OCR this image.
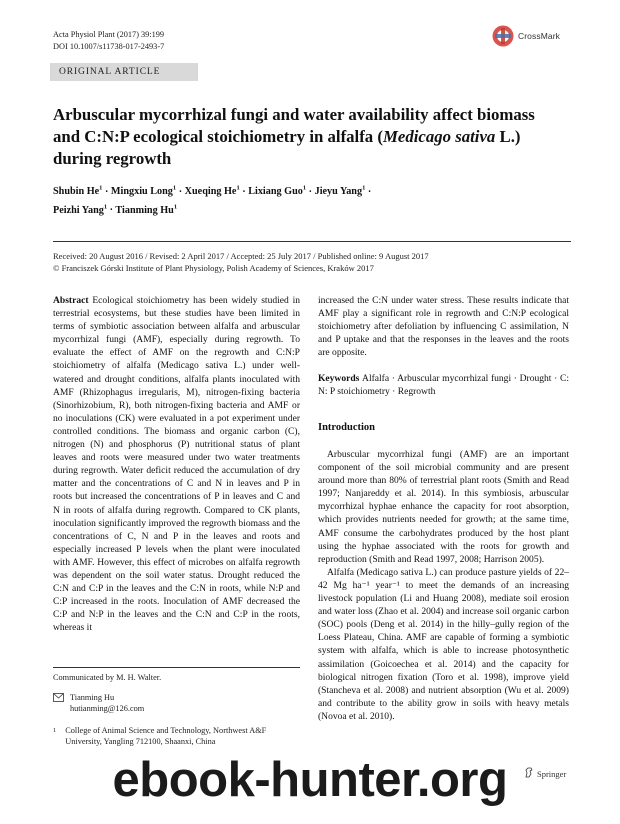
Acta Physiol Plant (2017) 39:199
DOI 10.1007/s11738-017-2493-7
CrossMark
ORIGINAL ARTICLE
Arbuscular mycorrhizal fungi and water availability affect biomass and C:N:P ecological stoichiometry in alfalfa (Medicago sativa L.) during regrowth
Shubin $He^1$ · Mingxiu Long$^1$ · Xueqing $He^1$ · Lixiang Guo$^1$ · Jieyu Yang$^1$ ·
Peizhi Yang$^1$ · Tianming Hu$^1$
Received: 20 August 2016 / Revised: 2 April 2017 / Accepted: 25 July 2017 / Published online: 9 August 2017
© Franciszek Górski Institute of Plant Physiology, Polish Academy of Sciences, Kraków 2017
Abstract Ecological stoichiometry has been widely studied in terrestrial ecosystems, but these studies have been limited in terms of symbiotic association between alfalfa and arbuscular mycorrhizal fungi (AMF), especially during regrowth. To evaluate the effect of AMF on the regrowth and C:N:P stoichiometry of alfalfa (Medicago sativa L.) under well-watered and drought conditions, alfalfa plants inoculated with AMF (Rhizophagus irregularis, M), nitrogen-fixing bacteria (Sinorhizobium, R), both nitrogen-fixing bacteria and AMF or no inoculations (CK) were evaluated in a pot experiment under controlled conditions. The biomass and organic carbon (C), nitrogen (N) and phosphorus (P) nutritional status of plant leaves and roots were measured under two water treatments during regrowth. Water deficit reduced the accumulation of dry matter and the concentrations of C and N in leaves and P in roots but increased the concentrations of P in leaves and C and N in roots of alfalfa during regrowth. Compared to CK plants, inoculation significantly improved the regrowth biomass and the concentrations of C, N and P in the leaves and roots and especially increased P levels when the plant were inoculated with AMF. However, this effect of microbes on alfalfa regrowth was dependent on the soil water status. Drought reduced the C:N and C:P in the leaves and the C:N in roots, while N:P and C:P increased in the roots. Inoculation of AMF decreased the C:P and N:P in the leaves and the C:N and C:P in the roots, whereas it
increased the C:N under water stress. These results indicate that AMF play a significant role in regrowth and C:N:P ecological stoichiometry after defoliation by influencing C assimilation, N and P uptake and that the responses in the leaves and the roots are opposite.
Keywords Alfalfa · Arbuscular mycorrhizal fungi · Drought · C: N: P stoichiometry · Regrowth
Introduction
Arbuscular mycorrhizal fungi (AMF) are an important component of the soil microbial community and are present around more than 80% of terrestrial plant roots (Smith and Read 1997; Nanjareddy et al. 2014). In this symbiosis, arbuscular mycorrhizal hyphae enhance the capacity for root absorption, which provides nutrients needed for growth; at the same time, AMF consume the carbohydrates produced by the host plant using the hyphae associated with the roots for growth and reproduction (Smith and Read 1997, 2008; Harrison 2005).
Alfalfa (Medicago sativa L.) can produce pasture yields of 22–42 Mg ha⁻¹ year⁻¹ to meet the demands of an increasing livestock population (Li and Huang 2008), mediate soil erosion and water loss (Zhao et al. 2004) and increase soil organic carbon (SOC) pools (Deng et al. 2014) in the hilly–gully region of the Loess Plateau, China. AMF are capable of forming a symbiotic system with alfalfa, which is able to increase photosynthetic assimilation (Goicoechea et al. 2014) and the capacity for biological nitrogen fixation (Toro et al. 1998), improve yield (Stancheva et al. 2008) and nutrient absorption (Wu et al. 2009) and contribute to the ability grow in soils with heavy metals (Novoa et al. 2010).
Communicated by M. H. Walter.
Tianming Hu
hutianming@126.com
1 College of Animal Science and Technology, Northwest A&F University, Yangling 712100, Shaanxi, China
Springer
ebook-hunter.org
